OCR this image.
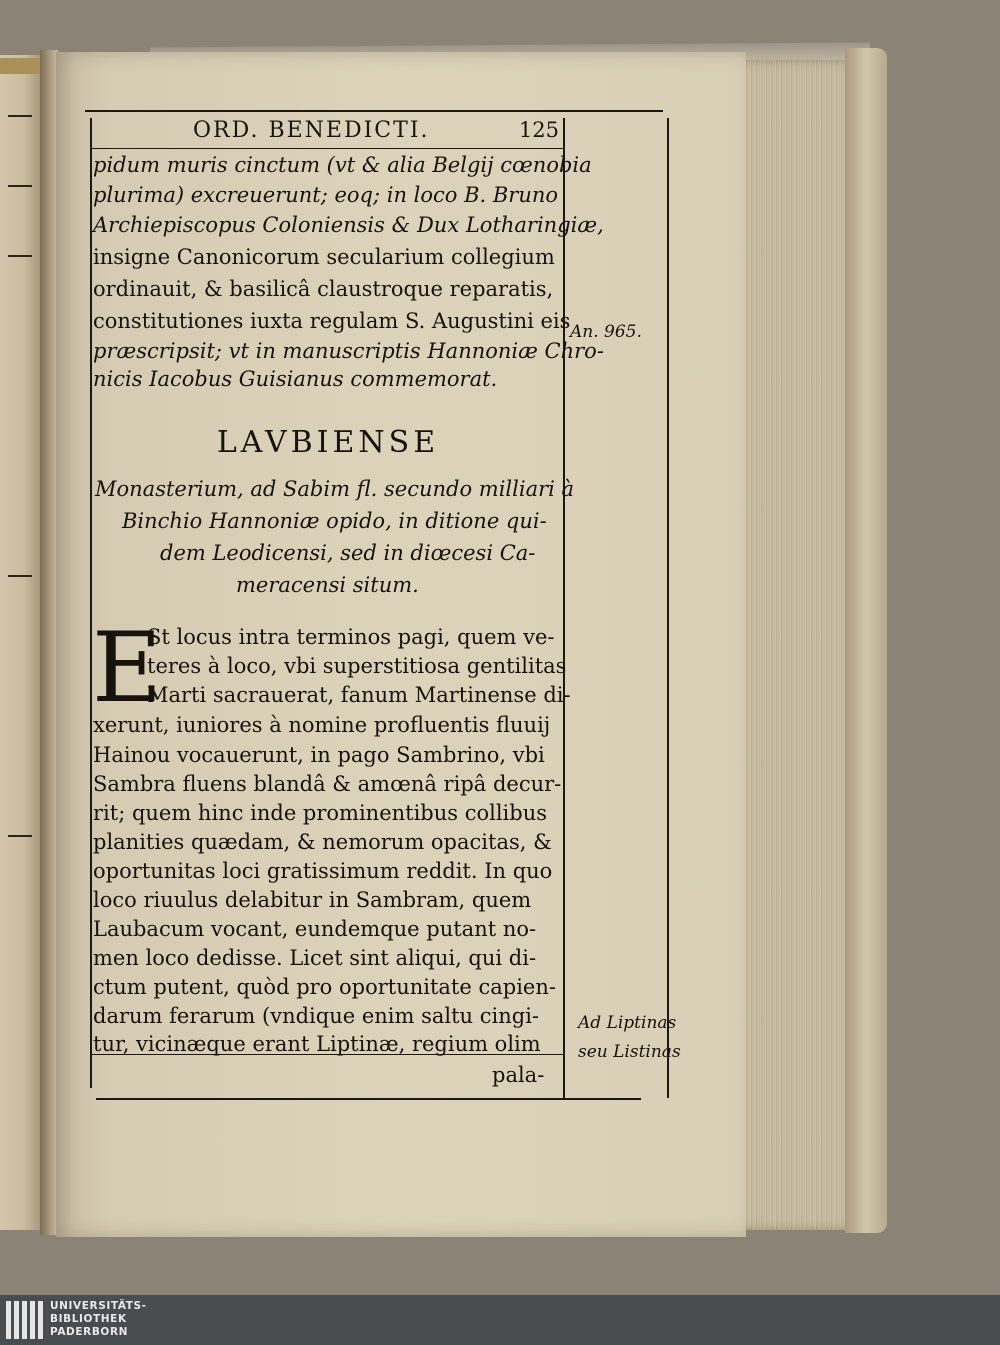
ORD. BENEDICTI.	125
pidum muris cinctum (vt & alia Belgij cœnobia
plurima) excreuerunt; eoq; in loco B. Bruno
Archiepiscopus Coloniensis & Dux Lotharingiæ,
insigne Canonicorum secularium collegium
ordinauit, & basilicâ claustroque reparatis,
constitutiones iuxta regulam S. Augustini eis
præscripsit; vt in manuscriptis Hannoniæ Chro-
nicis Iacobus Guisianus commemorat.
LAVBIENSE
Monasterium, ad Sabim fl. secundo milliari à
Binchio Hannoniæ opido, in ditione qui-
dem Leodicensi, sed in diœcesi Ca-
meracensi situm.
E
St locus intra terminos pagi, quem ve-
teres à loco, vbi superstitiosa gentilitas
Marti sacrauerat, fanum Martinense di-
xerunt, iuniores à nomine profluentis fluuij
Hainou vocauerunt, in pago Sambrino, vbi
Sambra fluens blandâ & amœnâ ripâ decur-
rit; quem hinc inde prominentibus collibus
planities quædam, & nemorum opacitas, &
oportunitas loci gratissimum reddit. In quo
loco riuulus delabitur in Sambram, quem
Laubacum vocant, eundemque putant no-
men loco dedisse. Licet sint aliqui, qui di-
ctum putent, quòd pro oportunitate capien-
darum ferarum (vndique enim saltu cingi-
tur, vicinæque erant Liptinæ, regium olim
pala-
An. 965.
Ad Liptinas
seu Listinas
UNIVERSITÄTS-
BIBLIOTHEK
PADERBORN
